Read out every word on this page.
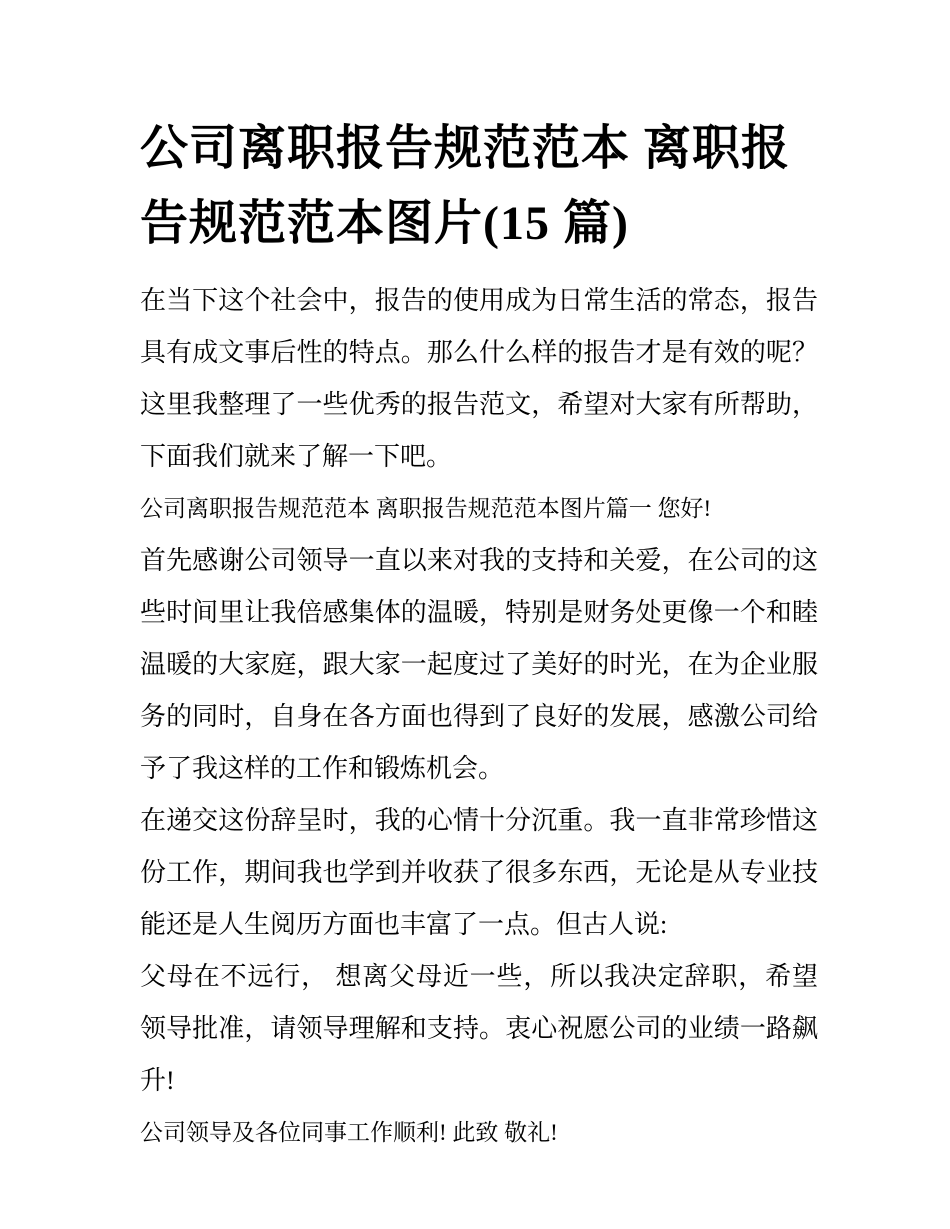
公司离职报告规范范本 离职报告规范范本图片(15 篇)

在当下这个社会中，报告的使用成为日常生活的常态，报告具有成文事后性的特点。那么什么样的报告才是有效的呢？这里我整理了一些优秀的报告范文，希望对大家有所帮助，下面我们就来了解一下吧。

公司离职报告规范范本 离职报告规范范本图片篇一 您好!

首先感谢公司领导一直以来对我的支持和关爱，在公司的这些时间里让我倍感集体的温暖，特别是财务处更像一个和睦温暖的大家庭，跟大家一起度过了美好的时光，在为企业服务的同时，自身在各方面也得到了良好的发展，感激公司给予了我这样的工作和锻炼机会。

在递交这份辞呈时，我的心情十分沉重。我一直非常珍惜这份工作，期间我也学到并收获了很多东西，无论是从专业技能还是人生阅历方面也丰富了一点。但古人说:

父母在不远行， 想离父母近一些，所以我决定辞职，希望领导批准，请领导理解和支持。衷心祝愿公司的业绩一路飙升!

公司领导及各位同事工作顺利! 此致 敬礼!
